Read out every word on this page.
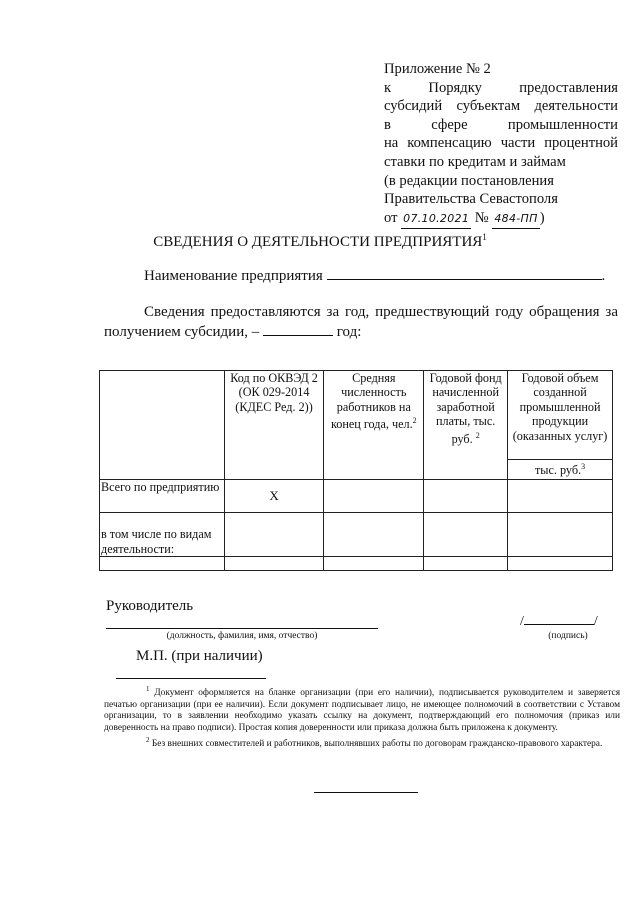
Приложение № 2
к Порядку предоставления
субсидий субъектам деятельности
в сфере промышленности
на компенсацию части процентной
ставки по кредитам и займам
(в редакции постановления
Правительства Севастополя
от 07.10.2021 № 484-ПП )
СВЕДЕНИЯ О ДЕЯТЕЛЬНОСТИ ПРЕДПРИЯТИЯ$^1$
Наименование предприятия	.
Сведения предоставляются за год, предшествующий году обращения за получением субсидии, –	год:
	Код по ОКВЭД 2 (ОК 029-2014 (КДЕС Ред. 2))	Средняя численность работников на конец года, чел.$^2$	Годовой фонд начисленной заработной платы, тыс. руб. $^2$	Годовой объем созданной промышленной продукции (оказанных услуг)
тыс. руб.$^3$

Всего по предприятию	Х			
в том числе по видам деятельности:				

Руководитель
(должность, фамилия, имя, отчество)
/	/
(подпись)
М.П. (при наличии)

$^1$ Документ оформляется на бланке организации (при его наличии), подписывается руководителем и заверяется печатью организации (при ее наличии). Если документ подписывает лицо, не имеющее полномочий в соответствии с Уставом организации, то в заявлении необходимо указать ссылку на документ, подтверждающий его полномочия (приказ или доверенность на право подписи). Простая копия доверенности или приказа должна быть приложена к документу.

$^2$ Без внешних совместителей и работников, выполнявших работы по договорам гражданско-правового характера.
